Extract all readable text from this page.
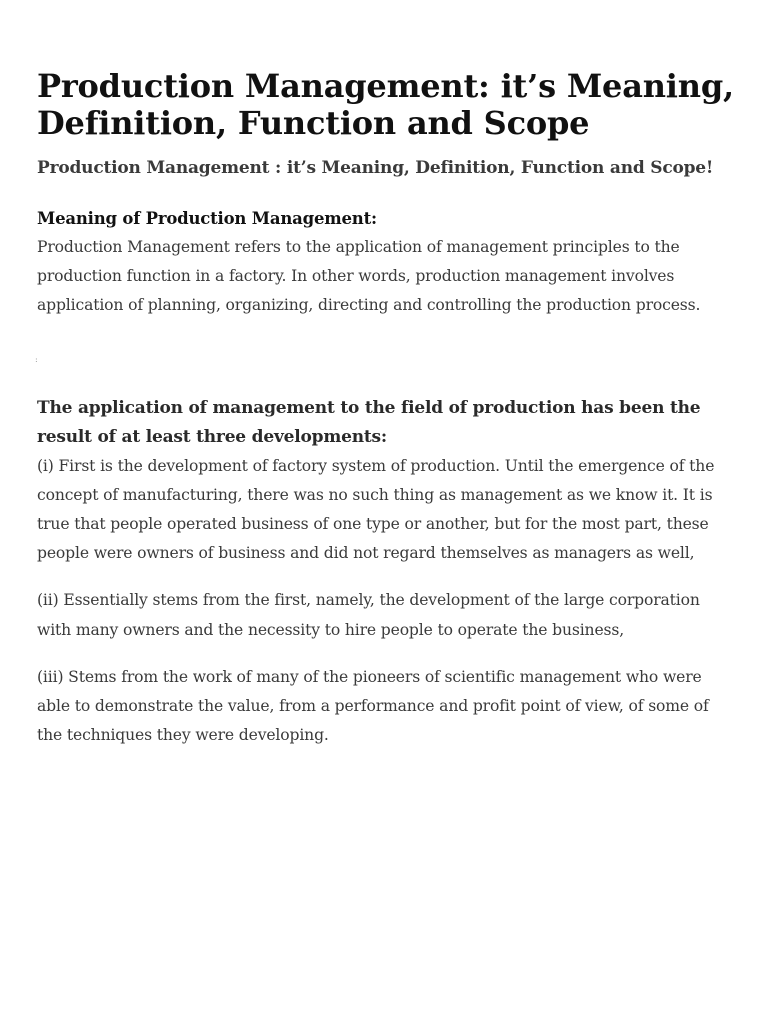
Production Management: it’s Meaning, Definition, Function and Scope
Production Management : it’s Meaning, Definition, Function and Scope!
Meaning of Production Management:

Production Management refers to the application of management principles to the production function in a factory. In other words, production management involves application of planning, organizing, directing and controlling the production process.

:
The application of management to the field of production has been the result of at least three developments:

(i) First is the development of factory system of production. Until the emergence of the concept of manufacturing, there was no such thing as management as we know it. It is true that people operated business of one type or another, but for the most part, these people were owners of business and did not regard themselves as managers as well,

(ii) Essentially stems from the first, namely, the development of the large corporation with many owners and the necessity to hire people to operate the business,

(iii) Stems from the work of many of the pioneers of scientific management who were able to demonstrate the value, from a performance and profit point of view, of some of the techniques they were developing.
